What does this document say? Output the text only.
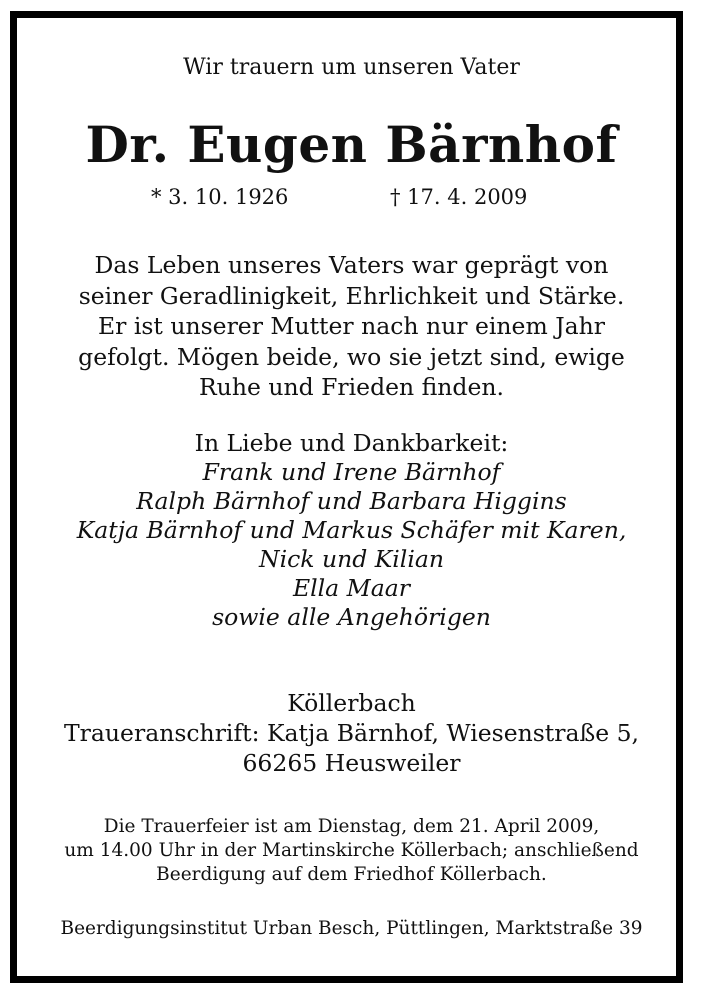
Wir trauern um unseren Vater
Dr. Eugen Bärnhof
* 3. 10. 1926	† 17. 4. 2009
Das Leben unseres Vaters war geprägt von
seiner Geradlinigkeit, Ehrlichkeit und Stärke.
Er ist unserer Mutter nach nur einem Jahr
gefolgt. Mögen beide, wo sie jetzt sind, ewige
Ruhe und Frieden finden.
In Liebe und Dankbarkeit:
Frank und Irene Bärnhof
Ralph Bärnhof und Barbara Higgins
Katja Bärnhof und Markus Schäfer mit Karen,
Nick und Kilian
Ella Maar
sowie alle Angehörigen
Köllerbach
Traueranschrift: Katja Bärnhof, Wiesenstraße 5,
66265 Heusweiler
Die Trauerfeier ist am Dienstag, dem 21. April 2009,
um 14.00 Uhr in der Martinskirche Köllerbach; anschließend
Beerdigung auf dem Friedhof Köllerbach.
Beerdigungsinstitut Urban Besch, Püttlingen, Marktstraße 39
